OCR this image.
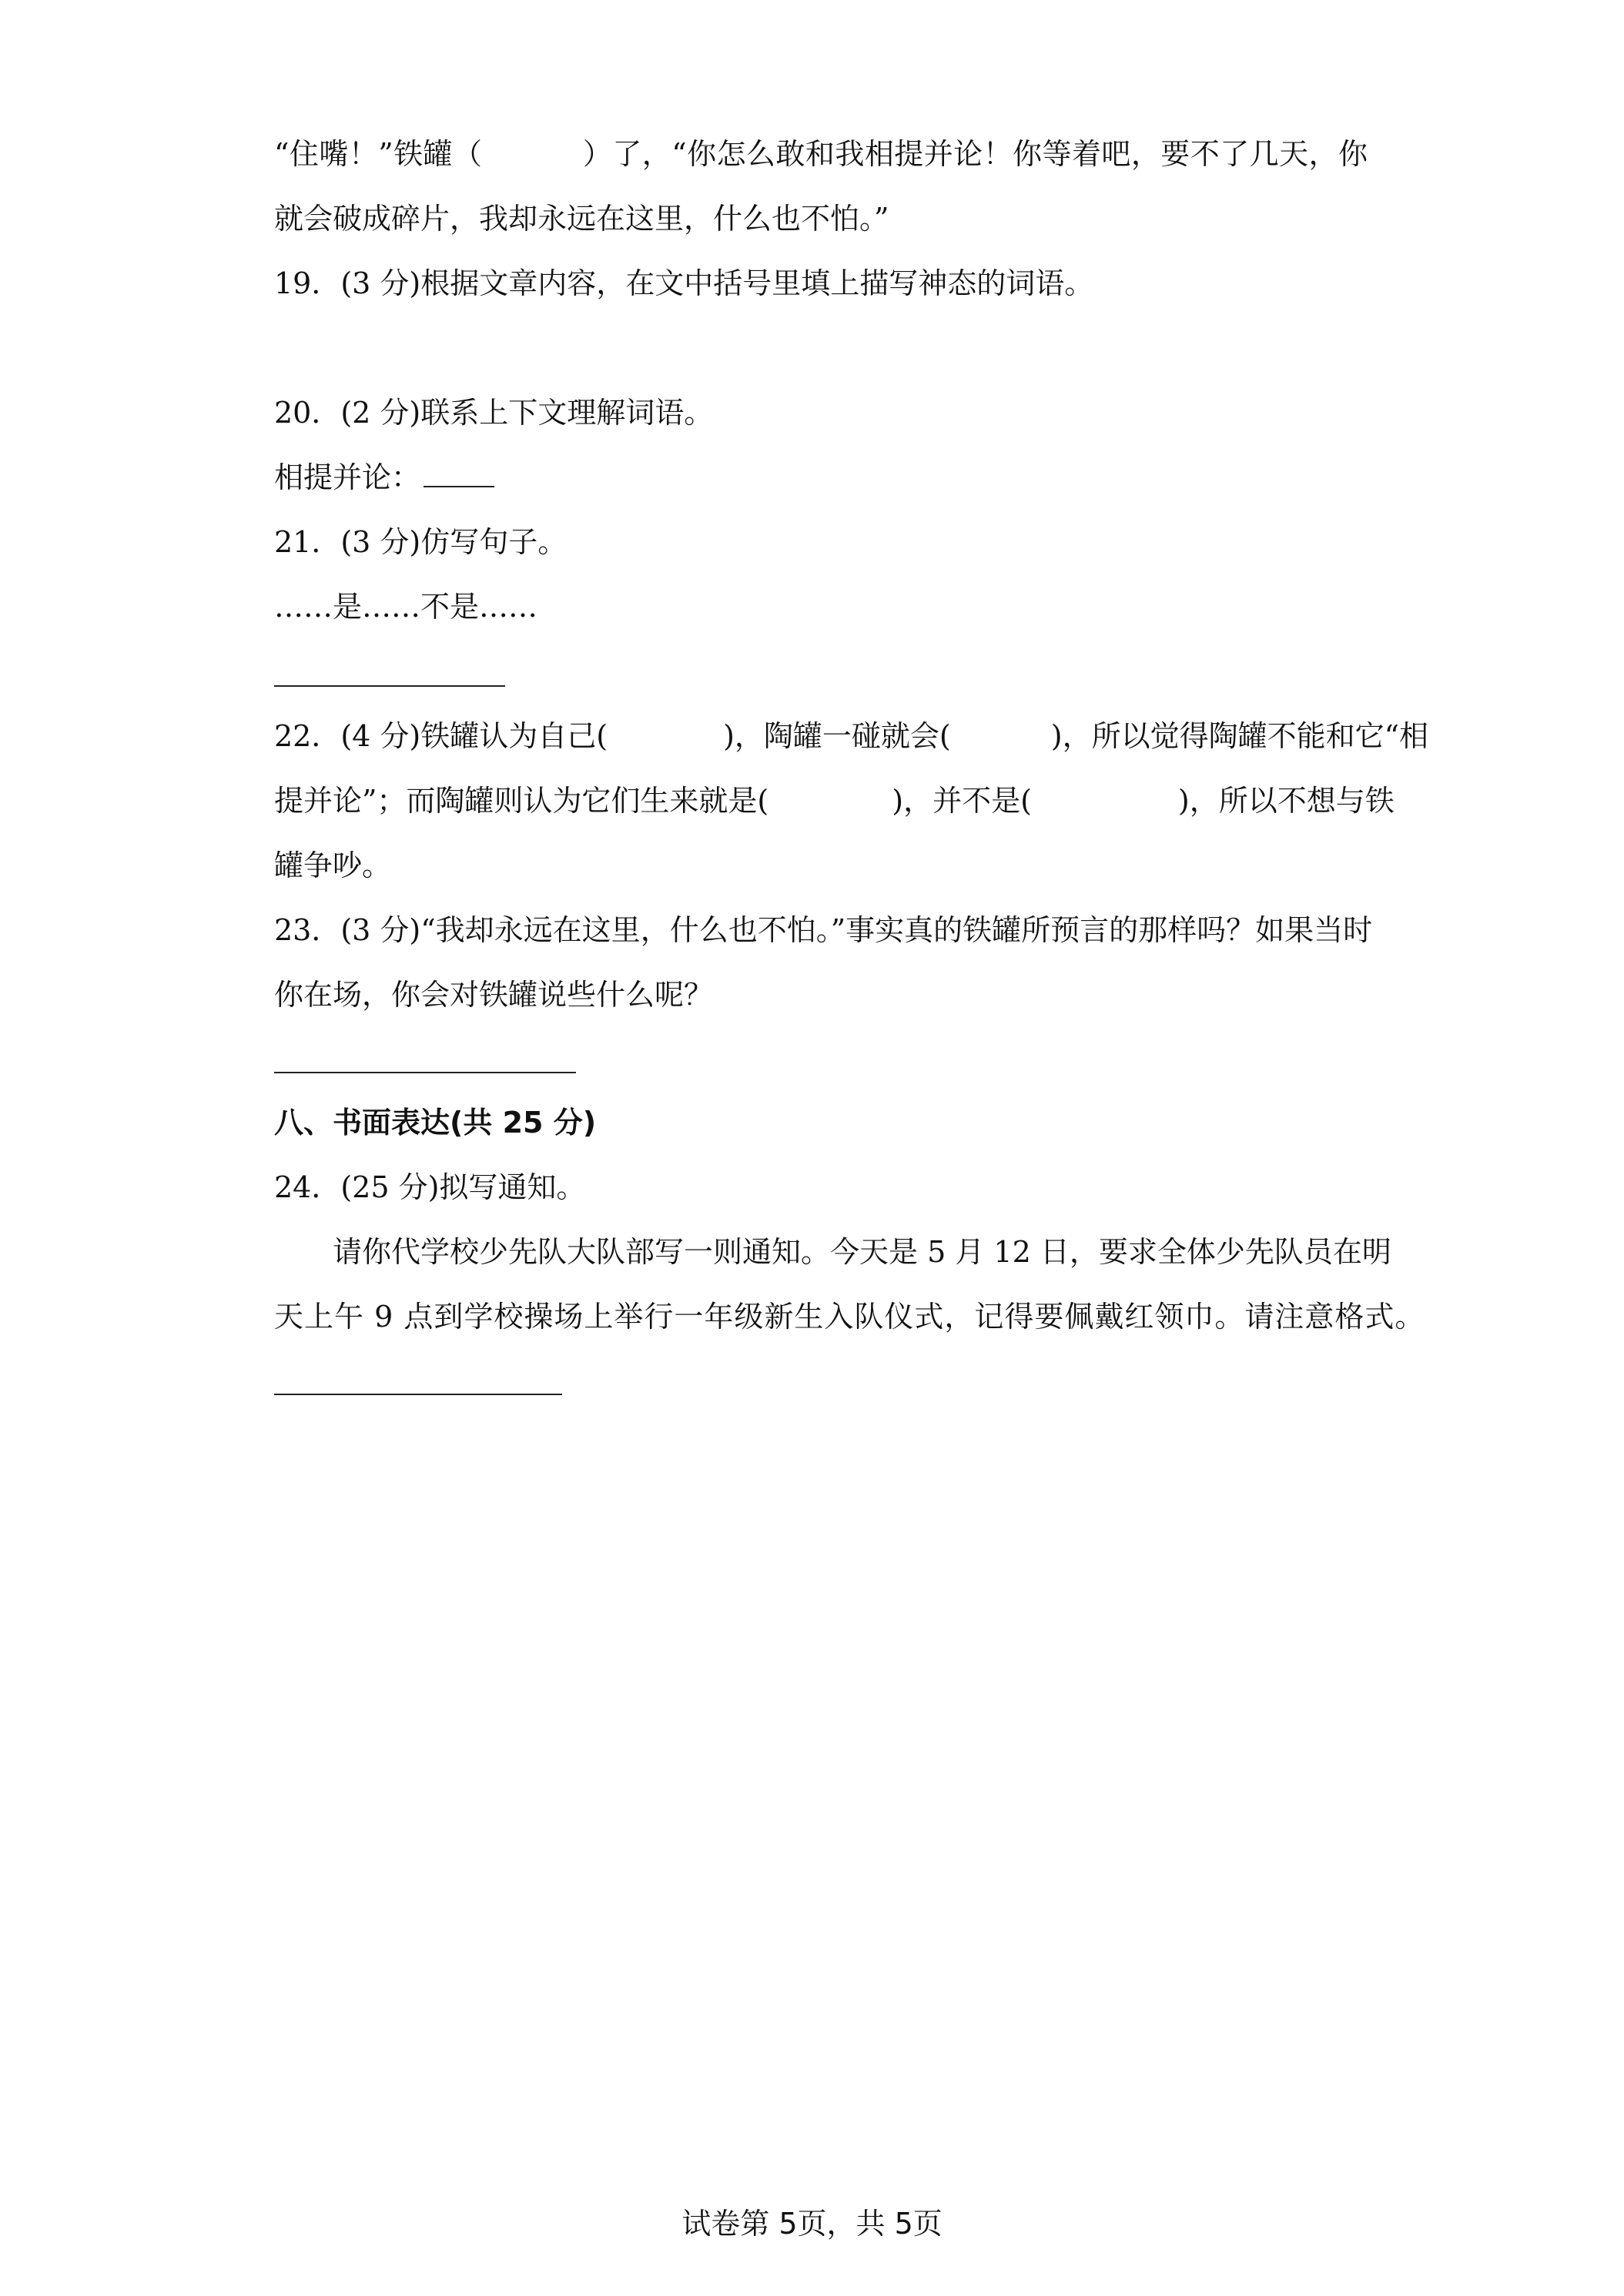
“住嘴！”铁罐（	）了，“你怎么敢和我相提并论！你等着吧，要不了几天，你
就会破成碎片，我却永远在这里，什么也不怕。”
19．(3 分)根据文章内容，在文中括号里填上描写神态的词语。
20．(2 分)联系上下文理解词语。
相提并论：
21．(3 分)仿写句子。
……是……不是……
22．(4 分)铁罐认为自己(	)，陶罐一碰就会(	)，所以觉得陶罐不能和它“相
提并论”；而陶罐则认为它们生来就是(	)，并不是(	)，所以不想与铁
罐争吵。
23．(3 分)“我却永远在这里，什么也不怕。”事实真的铁罐所预言的那样吗？如果当时
你在场，你会对铁罐说些什么呢？
八、书面表达(共 25 分)
24．(25 分)拟写通知。
请你代学校少先队大队部写一则通知。今天是 5 月 12 日，要求全体少先队员在明
天上午 9 点到学校操场上举行一年级新生入队仪式，记得要佩戴红领巾。请注意格式。
试卷第 5页，共 5页
